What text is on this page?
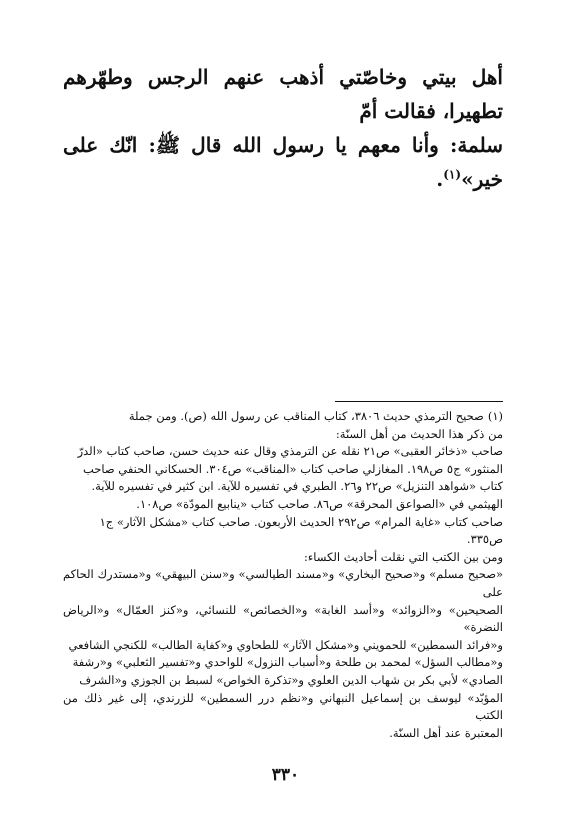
أهل بيتي وخاصّتي أذهب عنهم الرجس وطهّرهم تطهيرا، فقالت أمّ

سلمة: وأنا معهم يا رسول الله قال ﷺ: انّك على خير»$^{(١)}$.

(١)صحيح الترمذي حديث ٣٨٠٦، كتاب المناقب عن رسول الله (ص). ومن جملة

من ذكر هذا الحديث من أهل السنّة:

صاحب «ذخائر العقبى» ص٢١ نقله عن الترمذي وقال عنه حديث حسن، صاحب كتاب «الدرّ

المنثور» ج٥ ص١٩٨. المغازلي صاحب كتاب «المناقب» ص٣٠٤. الحسكاني الحنفي صاحب

كتاب «شواهد التنزيل» ص٢٢ و٢٦. الطبري في تفسيره للآية. ابن كثير في تفسيره للآية.

الهيثمي في «الصواعق المحرقة» ص٨٦. صاحب كتاب «ينابيع المودّة» ص١٠٨.

صاحب كتاب «غاية المرام» ص٢٩٢ الحديث الأربعون. صاحب كتاب «مشكل الآثار» ج١

ص٣٣٥.

ومن بين الكتب التي نقلت أحاديث الكساء:

«صحيح مسلم» و«صحيح البخاري» و«مسند الطيالسي» و«سنن البيهقي» و«مستدرك الحاكم على

الصحيحين» و«الزوائد» و«أسد الغابة» و«الخصائص» للنسائي، و«كنز العمّال» و«الرياض النضرة»

و«فرائد السمطين» للحمويني و«مشكل الآثار» للطحاوي و«كفاية الطالب» للكنجي الشافعي

و«مطالب السؤل» لمحمد بن طلحة و«أسباب النزول» للواحدي و«تفسير الثعلبي» و«رشفة

الصادي» لأبي بكر بن شهاب الدين العلوي و«تذكرة الخواص» لسبط بن الجوزي و«الشرف

المؤبّد» ليوسف بن إسماعيل النبهاني و«نظم درر السمطين» للزرندي، إلى غير ذلك من الكتب

المعتبرة عند أهل السنّة.

٣٣٠
